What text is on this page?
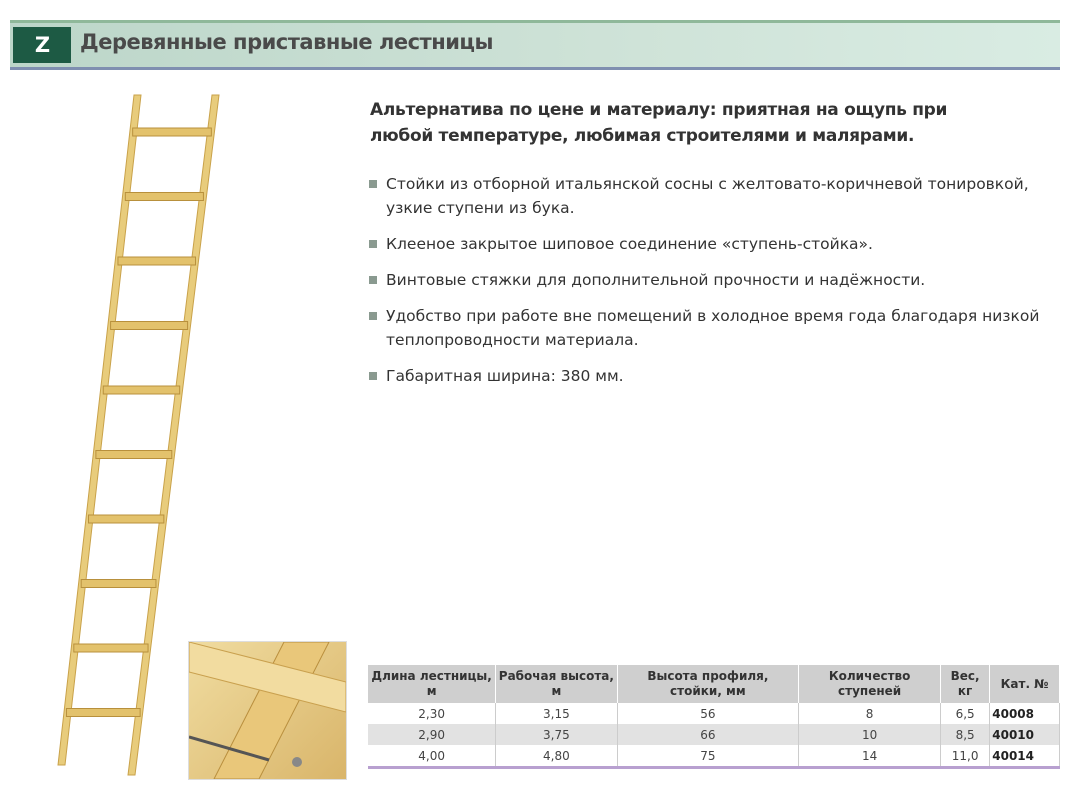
Z 600
Деревянные приставные лестницы
Альтернатива по цене и материалу: приятная на ощупь при любой температуре, любимая строителями и малярами.
Стойки из отборной итальянской сосны с желтовато-коричневой тонировкой, узкие ступени из бука.
Клееное закрытое шиповое соединение «ступень-стойка».
Винтовые стяжки для дополнительной прочности и надёжности.
Удобство при работе вне помещений в холодное время года благодаря низкой теплопроводности материала.
Габаритная ширина: 380 мм.
Длина лестницы, м	Рабочая высота, м	Высота профиля, стойки, мм	Количество ступеней	Вес, кг	Кат. №
2,30	3,15	56	8	6,5	40008
2,90	3,75	66	10	8,5	40010
4,00	4,80	75	14	11,0	40014
